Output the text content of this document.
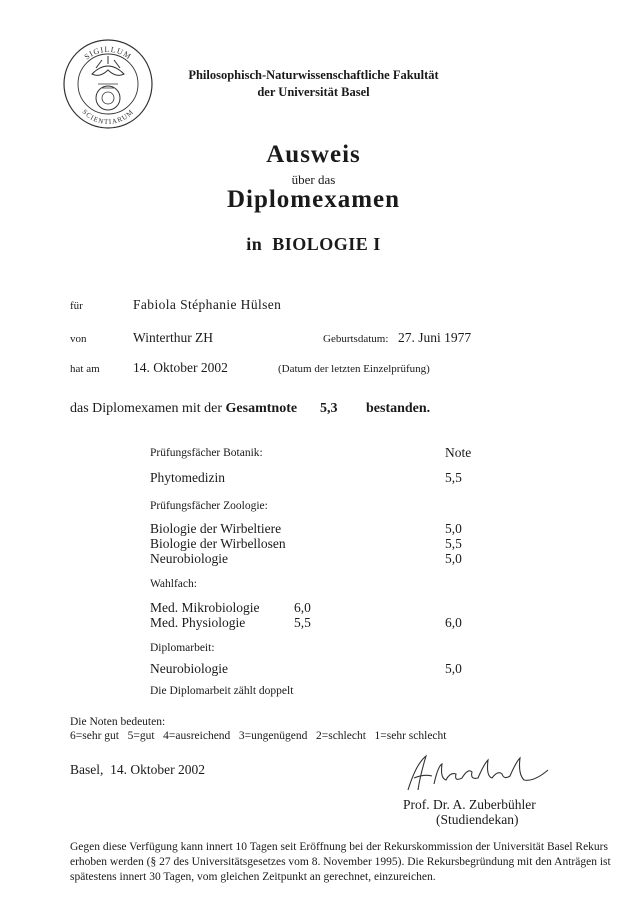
SIGILLUM
SCIENTIARUM
Philosophisch-Naturwissenschaftliche Fakultät
der Universität Basel
Ausweis
über das
Diplomexamen
in BIOLOGIE I
für	Fabiola Stéphanie Hülsen
von	Winterthur ZH	Geburtsdatum: 27. Juni 1977
hat am 14. Oktober 2002	(Datum der letzten Einzelprüfung)
das Diplomexamen mit der Gesamtnote 5,3 bestanden.
Prüfungsfächer Botanik:	Note
Phytomedizin	5,5
Prüfungsfächer Zoologie:
Biologie der Wirbeltiere	5,0
Biologie der Wirbellosen	5,5
Neurobiologie	5,0
Wahlfach:
Med. Mikrobiologie	6,0
Med. Physiologie	5,5	6,0
Diplomarbeit:
Neurobiologie	5,0
Die Diplomarbeit zählt doppelt
Die Noten bedeuten:
6=sehr gut   5=gut   4=ausreichend   3=ungenügend   2=schlecht   1=sehr schlecht
Basel,  14. Oktober 2002
Prof. Dr. A. Zuberbühler
(Studiendekan)
Gegen diese Verfügung kann innert 10 Tagen seit Eröffnung bei der Rekurskommission der Universität Basel Rekurs
erhoben werden (§ 27 des Universitätsgesetzes vom 8. November 1995). Die Rekursbegründung mit den Anträgen ist
spätestens innert 30 Tagen, vom gleichen Zeitpunkt an gerechnet, einzureichen.
